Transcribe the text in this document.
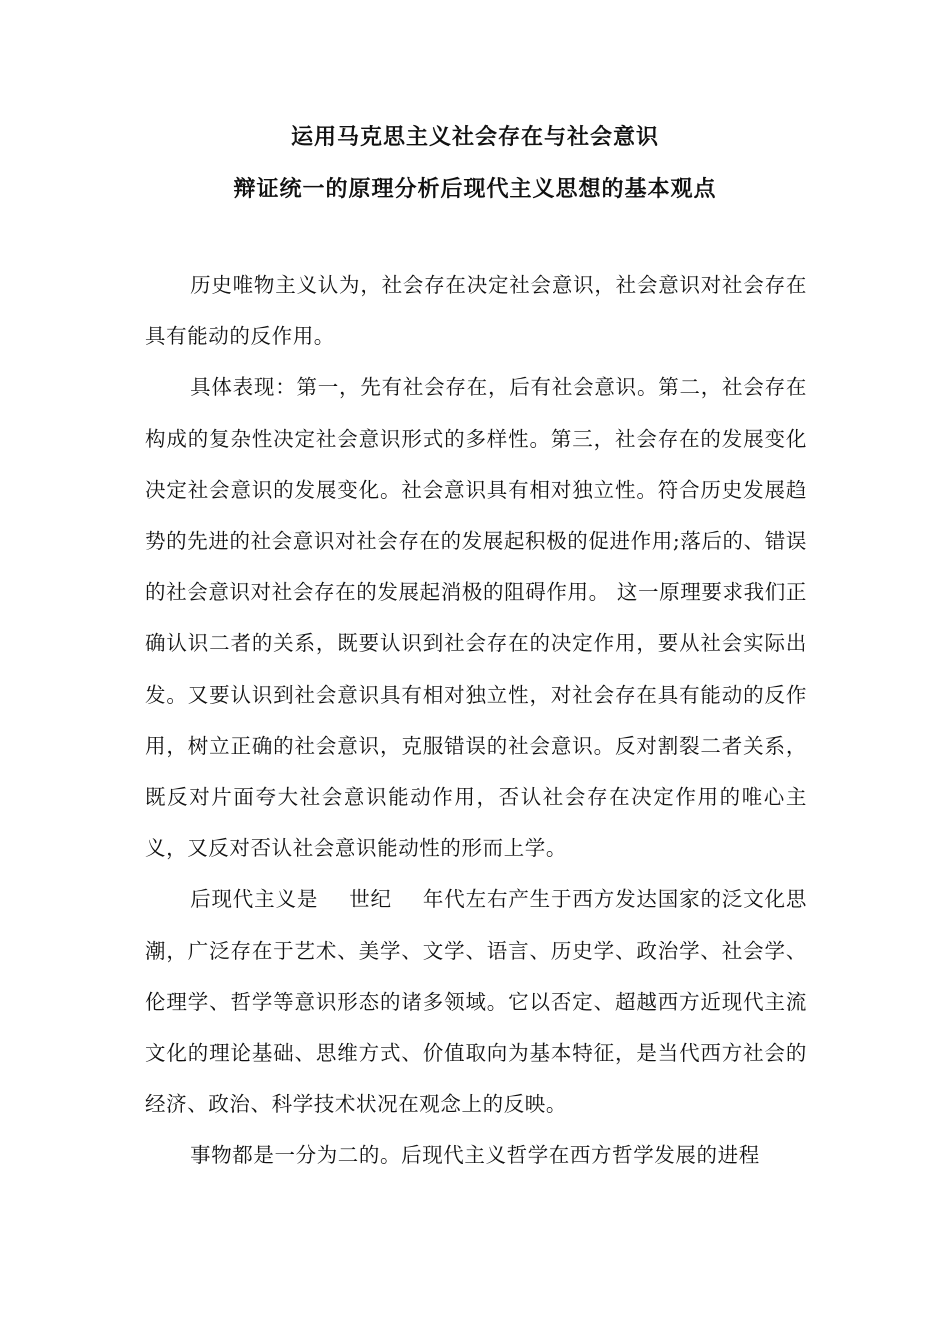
运用马克思主义社会存在与社会意识
辩证统一的原理分析后现代主义思想的基本观点

历史唯物主义认为，社会存在决定社会意识，社会意识对社会存在具有能动的反作用。

具体表现：第一，先有社会存在，后有社会意识。第二，社会存在构成的复杂性决定社会意识形式的多样性。第三，社会存在的发展变化决定社会意识的发展变化。社会意识具有相对独立性。符合历史发展趋势的先进的社会意识对社会存在的发展起积极的促进作用;落后的、错误的社会意识对社会存在的发展起消极的阻碍作用。 这一原理要求我们正确认识二者的关系，既要认识到社会存在的决定作用，要从社会实际出发。又要认识到社会意识具有相对独立性，对社会存在具有能动的反作用，树立正确的社会意识，克服错误的社会意识。反对割裂二者关系，既反对片面夸大社会意识能动作用，否认社会存在决定作用的唯心主义，又反对否认社会意识能动性的形而上学。

后现代主义是 世纪 年代左右产生于西方发达国家的泛文化思潮，广泛存在于艺术、美学、文学、语言、历史学、政治学、社会学、伦理学、哲学等意识形态的诸多领域。它以否定、超越西方近现代主流文化的理论基础、思维方式、价值取向为基本特征，是当代西方社会的经济、政治、科学技术状况在观念上的反映。

事物都是一分为二的。后现代主义哲学在西方哲学发展的进程
